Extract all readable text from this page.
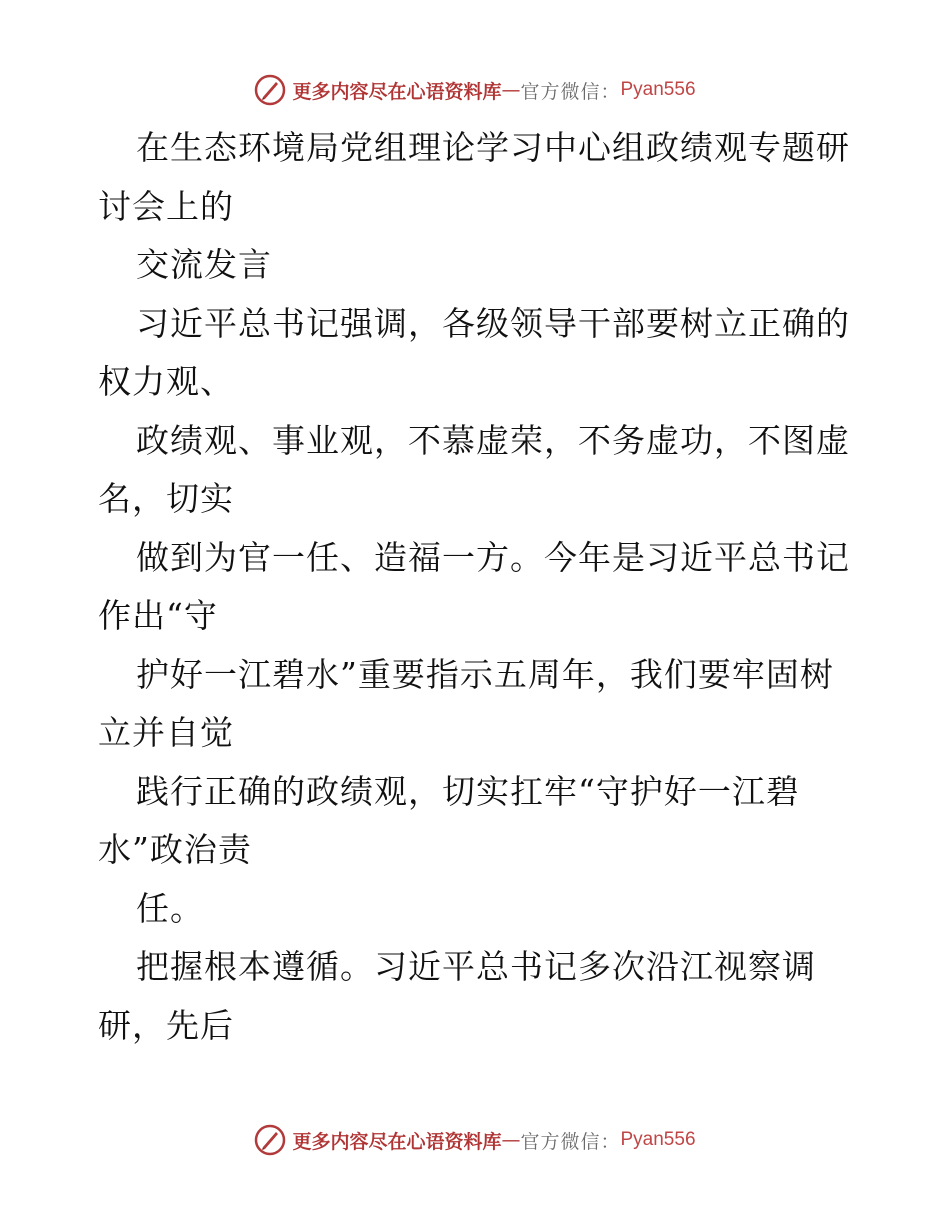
更多内容尽在心语资料库 — 官方微信： Pyan556
在生态环境局党组理论学习中心组政绩观专题研
讨会上的
交流发言
习近平总书记强调，各级领导干部要树立正确的
权力观、
政绩观、事业观，不慕虚荣，不务虚功，不图虚
名，切实
做到为官一任、造福一方。今年是习近平总书记
作出“守
护好一江碧水”重要指示五周年，我们要牢固树
立并自觉
践行正确的政绩观，切实扛牢“守护好一江碧
水”政治责
任。
把握根本遵循。习近平总书记多次沿江视察调
研，先后
更多内容尽在心语资料库 — 官方微信： Pyan556
